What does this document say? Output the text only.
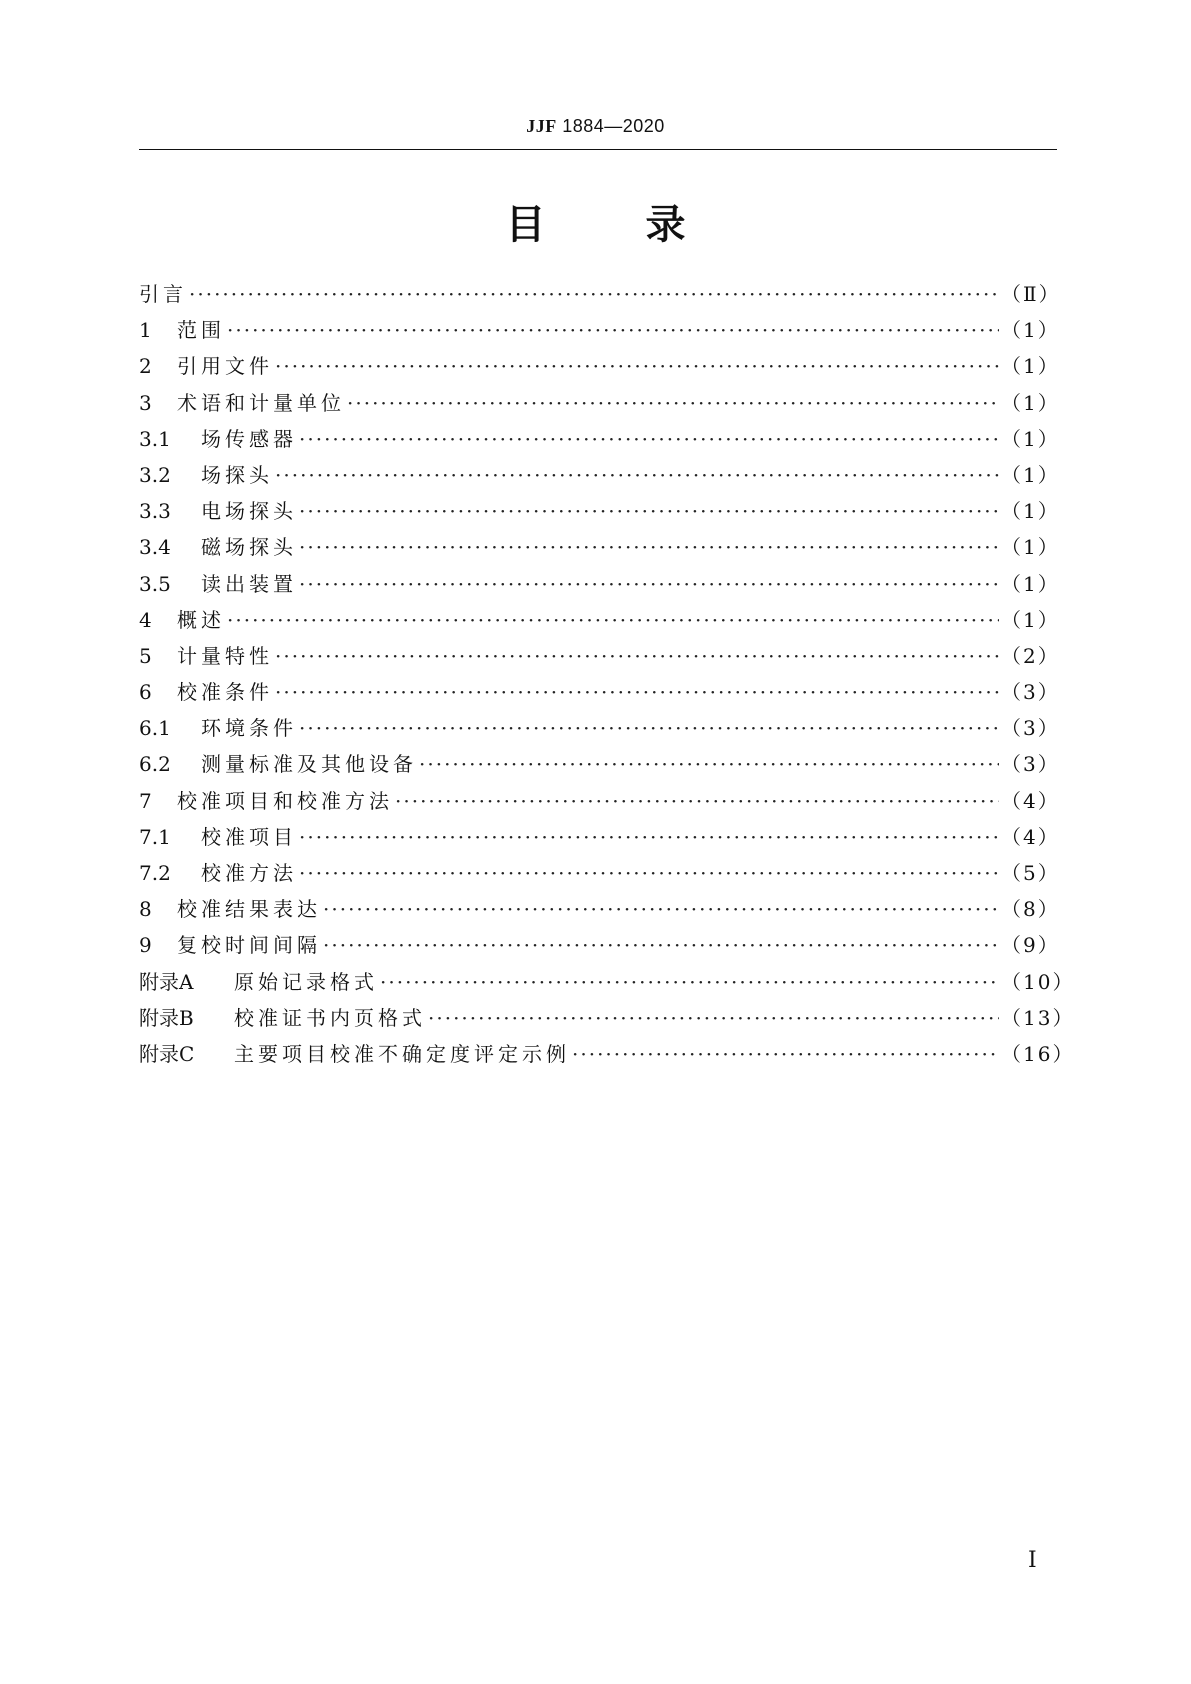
JJF 1884—2020
目	录
引言 ·····	（Ⅱ）
1	范围 ·····	（1）
2	引用文件 ·····	（1）
3	术语和计量单位 ·····	（1）
3.1	场传感器 ·····	（1）
3.2	场探头 ·····	（1）
3.3	电场探头 ·····	（1）
3.4	磁场探头 ·····	（1）
3.5	读出装置 ·····	（1）
4	概述 ·····	（1）
5	计量特性 ·····	（2）
6	校准条件 ·····	（3）
6.1	环境条件 ·····	（3）
6.2	测量标准及其他设备 ·····	（3）
7	校准项目和校准方法 ·····	（4）
7.1	校准项目 ·····	（4）
7.2	校准方法 ·····	（5）
8	校准结果表达 ·····	（8）
9	复校时间间隔 ·····	（9）
附录A	原始记录格式 ·····	（10）
附录B	校准证书内页格式 ·····	（13）
附录C	主要项目校准不确定度评定示例 ·····	（16）
Ⅰ
